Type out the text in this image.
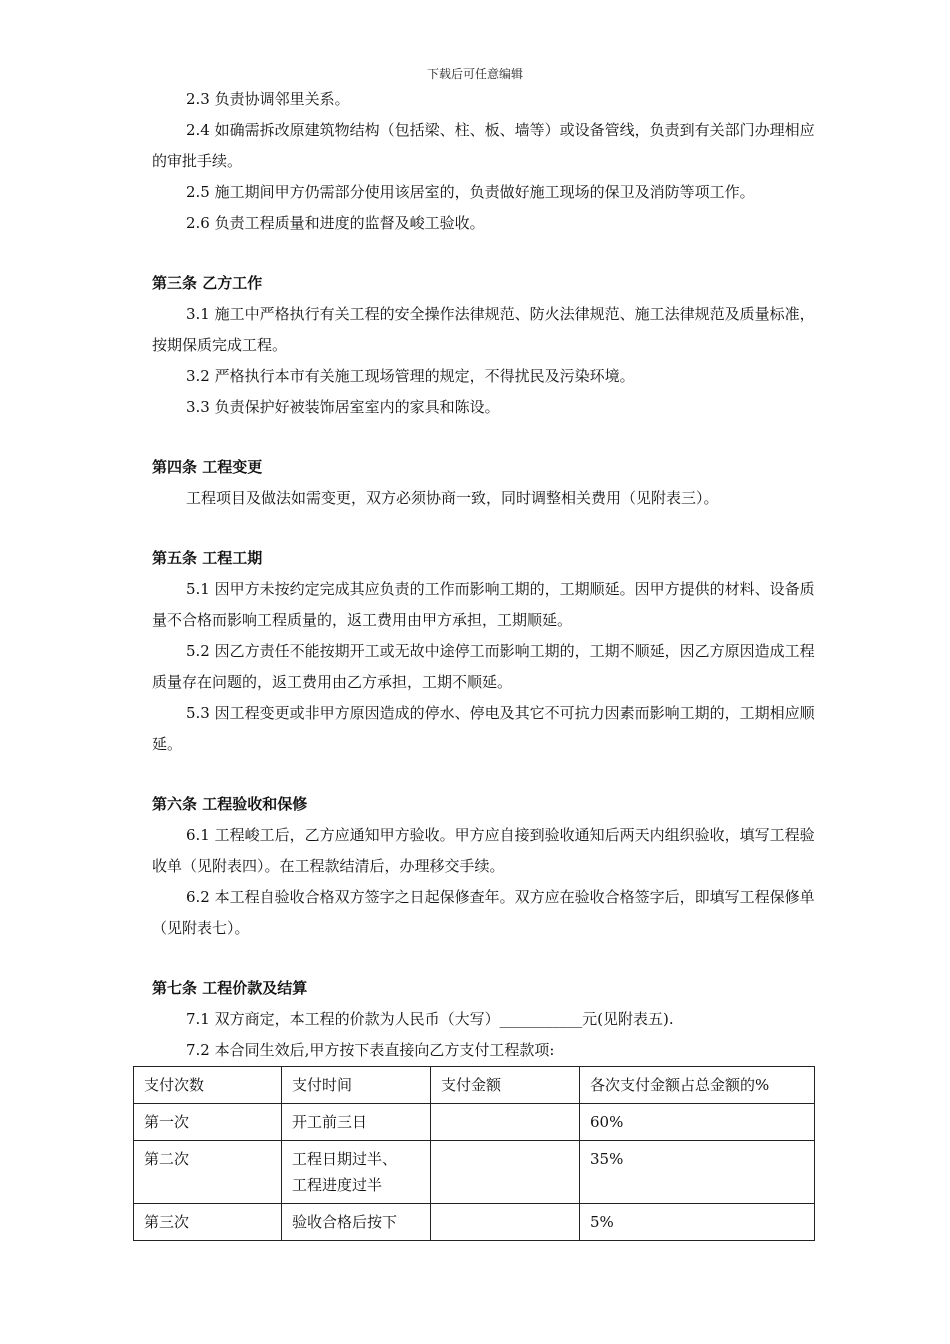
下载后可任意编辑

2.3 负责协调邻里关系。

2.4 如确需拆改原建筑物结构（包括梁、柱、板、墙等）或设备管线，负责到有关部门办理相应的审批手续。

2.5 施工期间甲方仍需部分使用该居室的，负责做好施工现场的保卫及消防等项工作。

2.6 负责工程质量和进度的监督及峻工验收。

第三条 乙方工作

3.1 施工中严格执行有关工程的安全操作法律规范、防火法律规范、施工法律规范及质量标准，按期保质完成工程。

3.2 严格执行本市有关施工现场管理的规定，不得扰民及污染环境。

3.3 负责保护好被装饰居室室内的家具和陈设。

第四条 工程变更

工程项目及做法如需变更，双方必须协商一致，同时调整相关费用（见附表三）。

第五条 工程工期

5.1 因甲方未按约定完成其应负责的工作而影响工期的，工期顺延。因甲方提供的材料、设备质量不合格而影响工程质量的，返工费用由甲方承担，工期顺延。

5.2 因乙方责任不能按期开工或无故中途停工而影响工期的，工期不顺延，因乙方原因造成工程质量存在问题的，返工费用由乙方承担，工期不顺延。

5.3 因工程变更或非甲方原因造成的停水、停电及其它不可抗力因素而影响工期的，工期相应顺延。

第六条 工程验收和保修

6.1 工程峻工后，乙方应通知甲方验收。甲方应自接到验收通知后两天内组织验收，填写工程验收单（见附表四）。在工程款结清后，办理移交手续。

6.2 本工程自验收合格双方签字之日起保修查年。双方应在验收合格签字后，即填写工程保修单（见附表七）。

第七条 工程价款及结算

7.1 双方商定，本工程的价款为人民币（大写）___________元(见附表五).

7.2 本合同生效后,甲方按下表直接向乙方支付工程款项:

支付次数	支付时间	支付金额	各次支付金额占总金额的%
第一次	开工前三日		60%
第二次	工程日期过半、
工程进度过半		35%
第三次	验收合格后按下		5%
